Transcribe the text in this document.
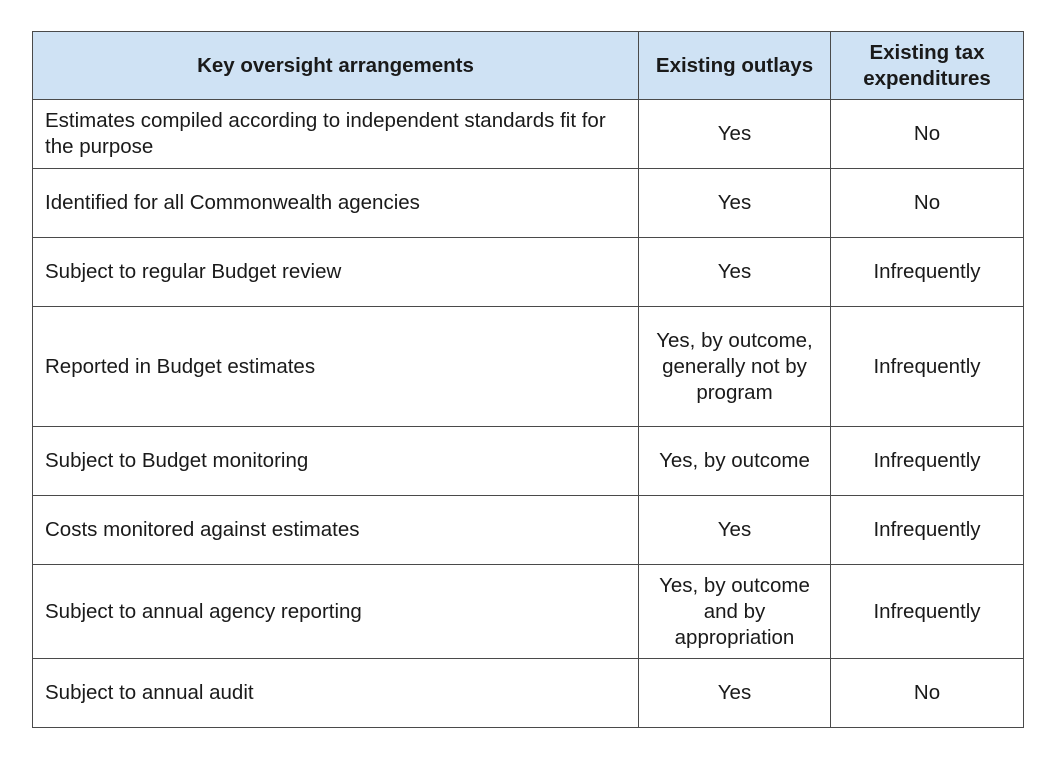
Key oversight arrangements	Existing outlays	Existing tax expenditures
Estimates compiled according to independent standards fit for the purpose	Yes	No
Identified for all Commonwealth agencies	Yes	No
Subject to regular Budget review	Yes	Infrequently
Reported in Budget estimates	Yes, by outcome, generally not by program	Infrequently
Subject to Budget monitoring	Yes, by outcome	Infrequently
Costs monitored against estimates	Yes	Infrequently
Subject to annual agency reporting	Yes, by outcome and by appropriation	Infrequently
Subject to annual audit	Yes	No
